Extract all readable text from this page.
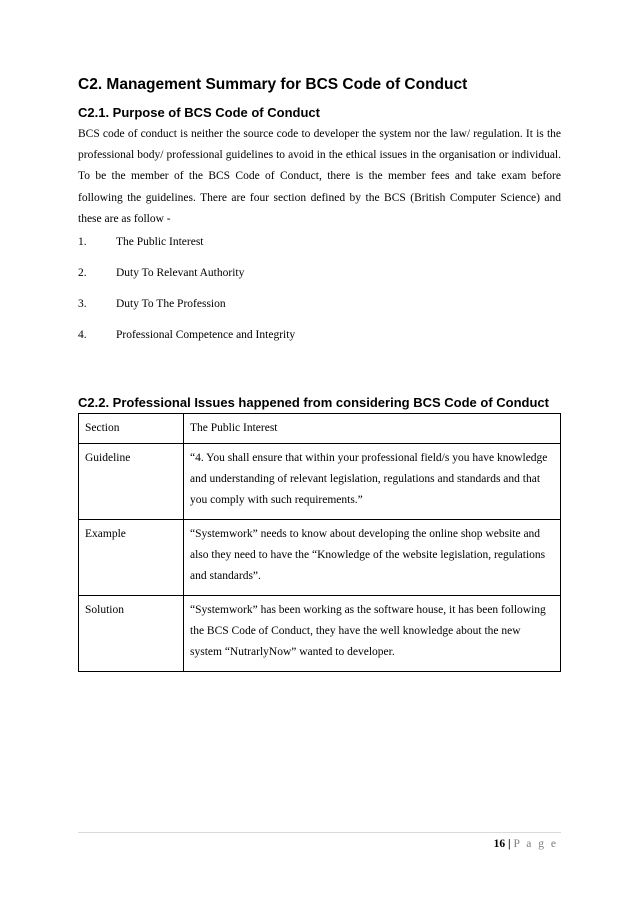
C2. Management Summary for BCS Code of Conduct
C2.1. Purpose of BCS Code of Conduct

BCS code of conduct is neither the source code to developer the system nor the law/ regulation. It is the professional body/ professional guidelines to avoid in the ethical issues in the organisation or individual. To be the member of the BCS Code of Conduct, there is the member fees and take exam before following the guidelines. There are four section defined by the BCS (British Computer Science) and these are as follow -

1.	The Public Interest
2.	Duty To Relevant Authority
3.	Duty To The Profession
4.	Professional Competence and Integrity
C2.2. Professional Issues happened from considering BCS Code of Conduct
Section	The Public Interest
Guideline	“4. You shall ensure that within your professional field/s you have knowledge and understanding of relevant legislation, regulations and standards and that you comply with such requirements.”
Example	“Systemwork” needs to know about developing the online shop website and also they need to have the “Knowledge of the website legislation, regulations and standards”.
Solution	“Systemwork” has been working as the software house, it has been following the BCS Code of Conduct, they have the well knowledge about the new system “NutrarlyNow” wanted to developer.
16 | P a g e
